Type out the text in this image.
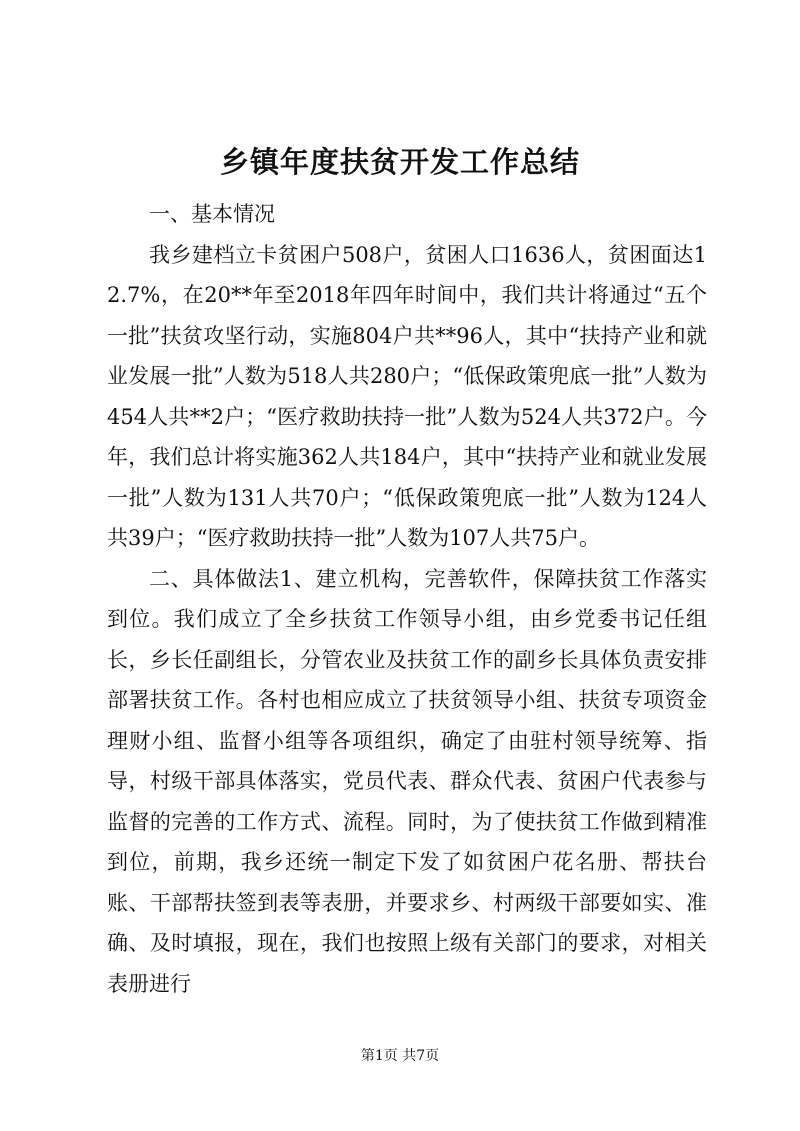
乡镇年度扶贫开发工作总结

一、基本情况

我乡建档立卡贫困户508户，贫困人口1636人，贫困面达12.7%，在20**年至2018年四年时间中，我们共计将通过“五个一批”扶贫攻坚行动，实施804户共**96人，其中“扶持产业和就业发展一批”人数为518人共280户；“低保政策兜底一批”人数为454人共**2户；“医疗救助扶持一批”人数为524人共372户。今年，我们总计将实施362人共184户，其中“扶持产业和就业发展一批”人数为131人共70户；“低保政策兜底一批”人数为124人共39户；“医疗救助扶持一批”人数为107人共75户。

二、具体做法1、建立机构，完善软件，保障扶贫工作落实到位。我们成立了全乡扶贫工作领导小组，由乡党委书记任组长，乡长任副组长，分管农业及扶贫工作的副乡长具体负责安排部署扶贫工作。各村也相应成立了扶贫领导小组、扶贫专项资金理财小组、监督小组等各项组织，确定了由驻村领导统筹、指导，村级干部具体落实，党员代表、群众代表、贫困户代表参与监督的完善的工作方式、流程。同时，为了使扶贫工作做到精准到位，前期，我乡还统一制定下发了如贫困户花名册、帮扶台账、干部帮扶签到表等表册，并要求乡、村两级干部要如实、准确、及时填报，现在，我们也按照上级有关部门的要求，对相关表册进行

第1页 共7页
